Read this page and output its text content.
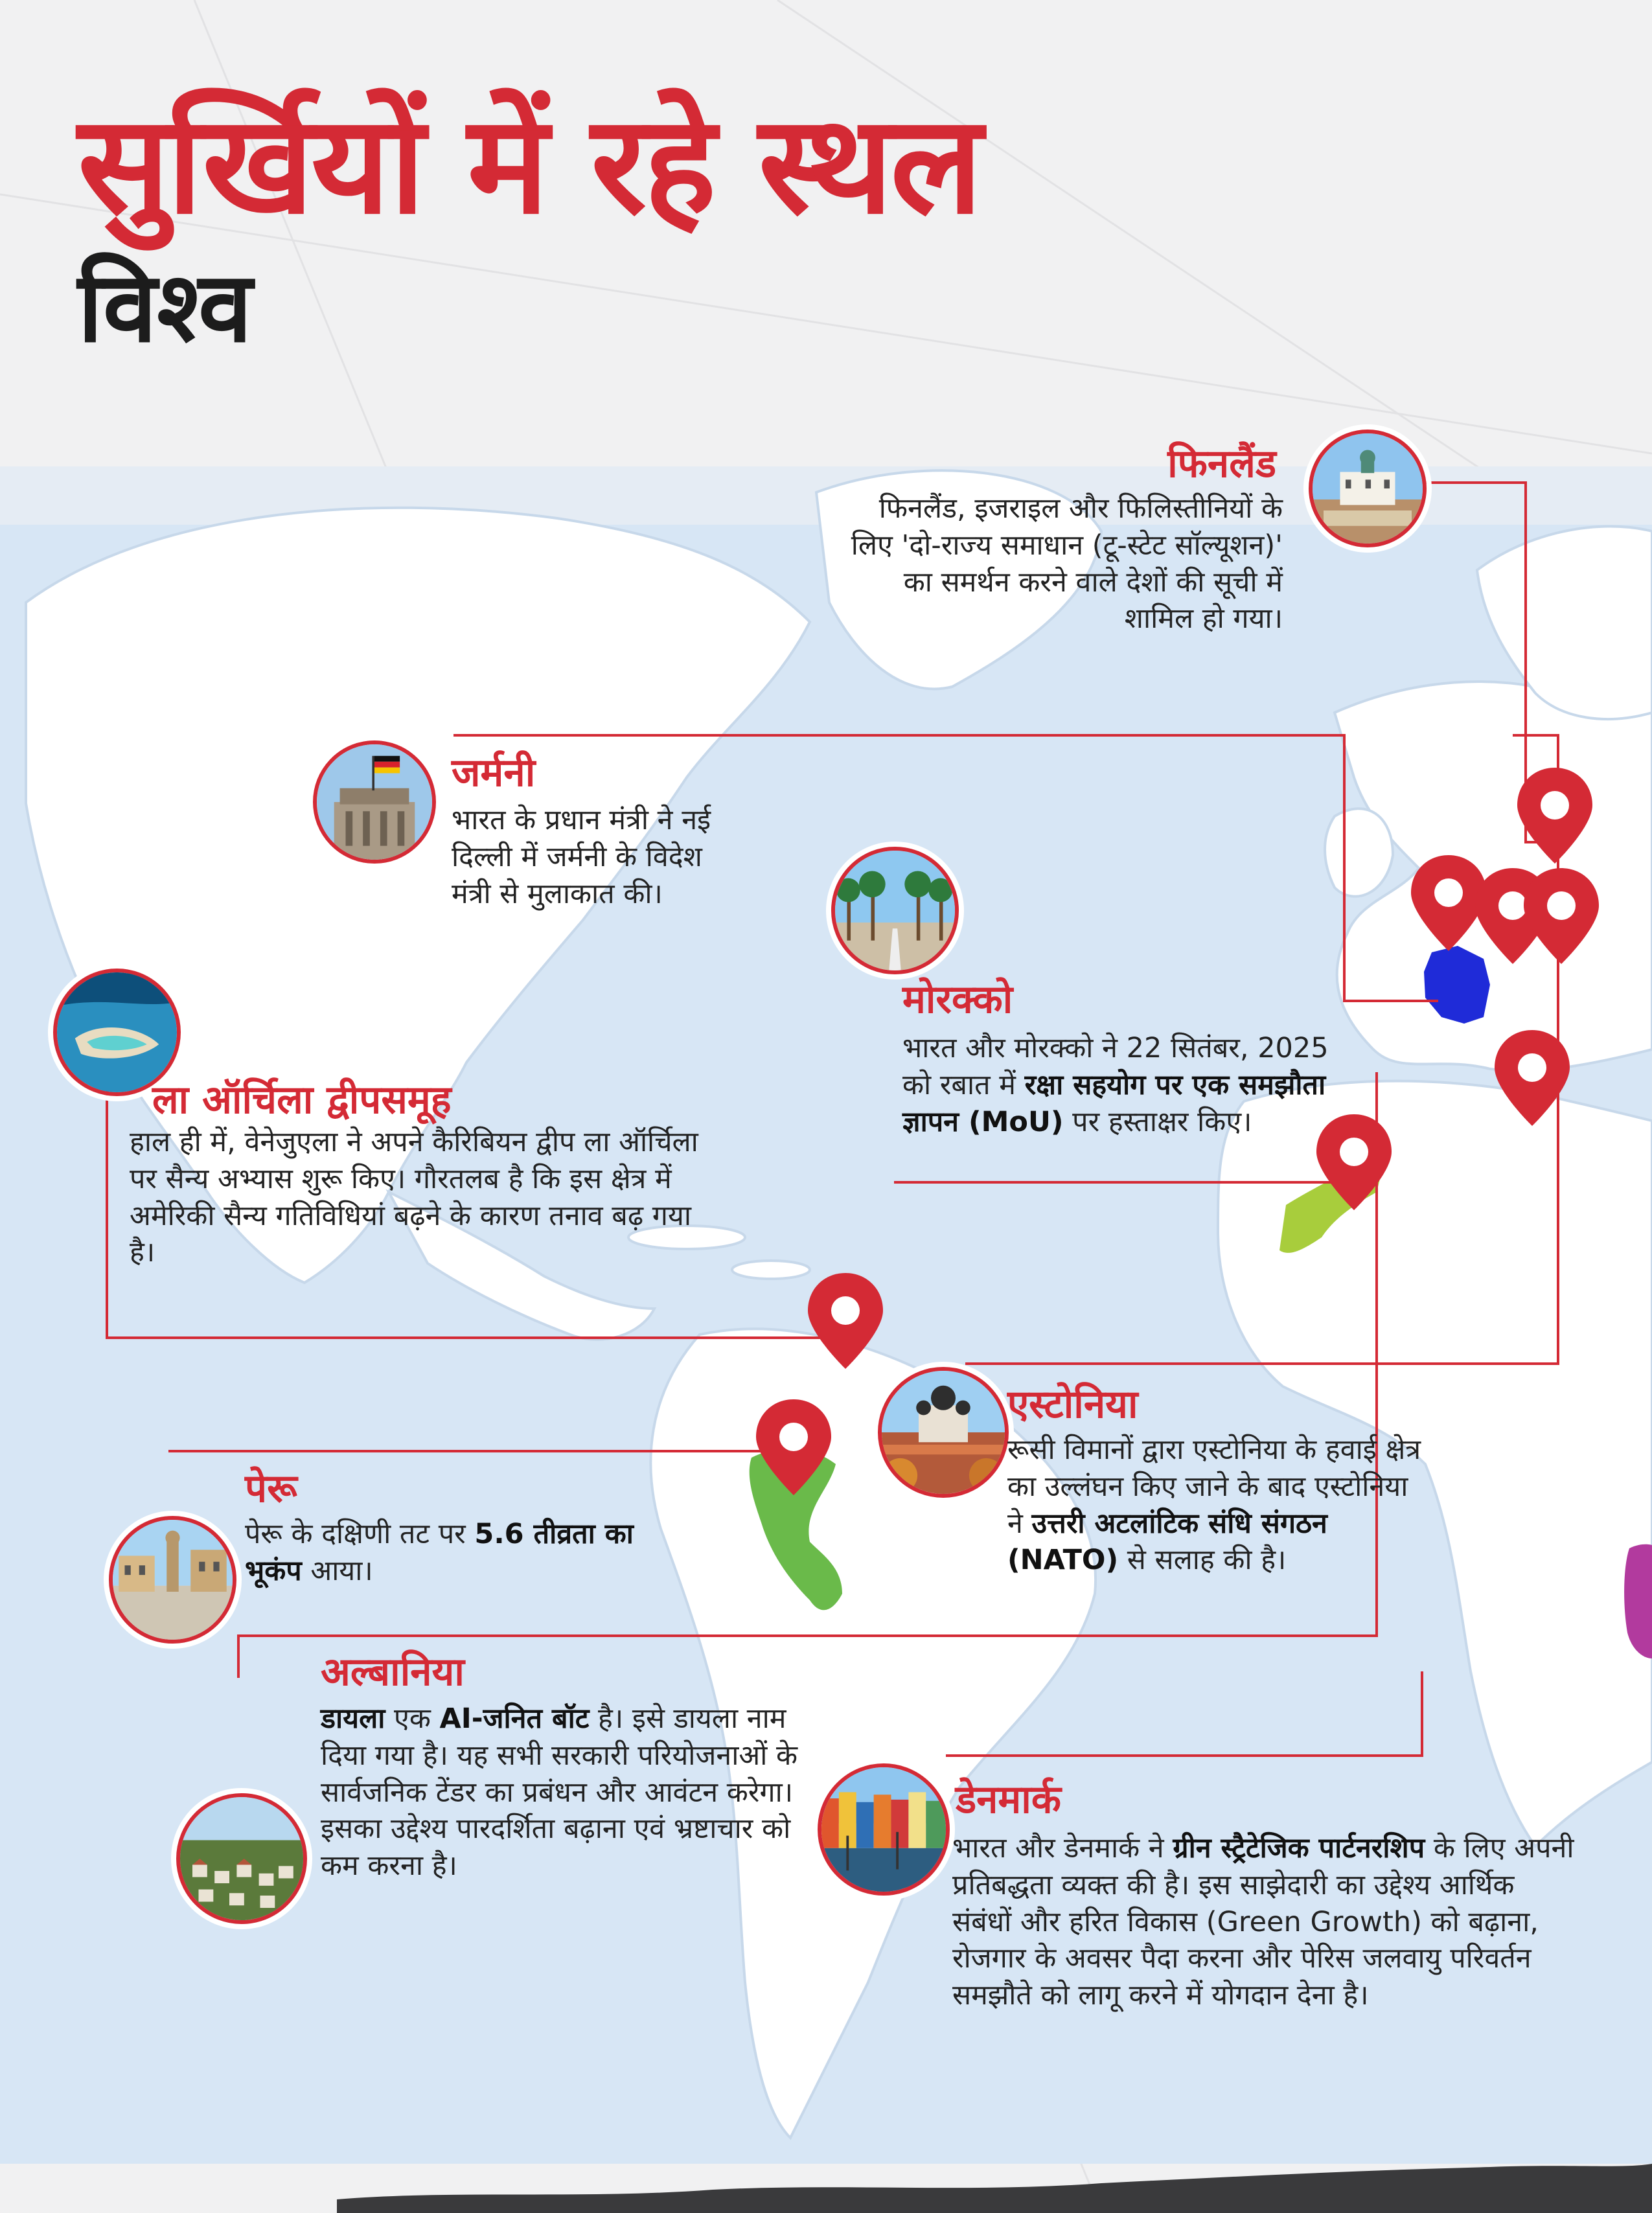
सुर्खियों में रहे स्थल
विश्व
फिनलैंड
फिनलैंड, इजराइल और फिलिस्तीनियों के लिए 'दो-राज्य समाधान (टू-स्टेट सॉल्यूशन)' का समर्थन करने वाले देशों की सूची में शामिल हो गया।
जर्मनी
भारत के प्रधान मंत्री ने नई दिल्ली में जर्मनी के विदेश मंत्री से मुलाकात की।
मोरक्को
भारत और मोरक्को ने 22 सितंबर, 2025 को रबात में रक्षा सहयोग पर एक समझौता ज्ञापन (MoU) पर हस्ताक्षर किए।
ला ऑर्चिला द्वीपसमूह
हाल ही में, वेनेजुएला ने अपने कैरिबियन द्वीप ला ऑर्चिला पर सैन्य अभ्यास शुरू किए। गौरतलब है कि इस क्षेत्र में अमेरिकी सैन्य गतिविधियां बढ़ने के कारण तनाव बढ़ गया है।
पेरू
पेरू के दक्षिणी तट पर 5.6 तीव्रता का भूकंप आया।
एस्टोनिया
रूसी विमानों द्वारा एस्टोनिया के हवाई क्षेत्र का उल्लंघन किए जाने के बाद एस्टोनिया ने उत्तरी अटलांटिक संधि संगठन (NATO) से सलाह की है।
अल्बानिया
डायला एक AI-जनित बॉट है। इसे डायला नाम दिया गया है। यह सभी सरकारी परियोजनाओं के सार्वजनिक टेंडर का प्रबंधन और आवंटन करेगा। इसका उद्देश्य पारदर्शिता बढ़ाना एवं भ्रष्टाचार को कम करना है।
डेनमार्क
भारत और डेनमार्क ने ग्रीन स्ट्रैटेजिक पार्टनरशिप के लिए अपनी प्रतिबद्धता व्यक्त की है। इस साझेदारी का उद्देश्य आर्थिक संबंधों और हरित विकास (Green Growth) को बढ़ाना, रोजगार के अवसर पैदा करना और पेरिस जलवायु परिवर्तन समझौते को लागू करने में योगदान देना है।
